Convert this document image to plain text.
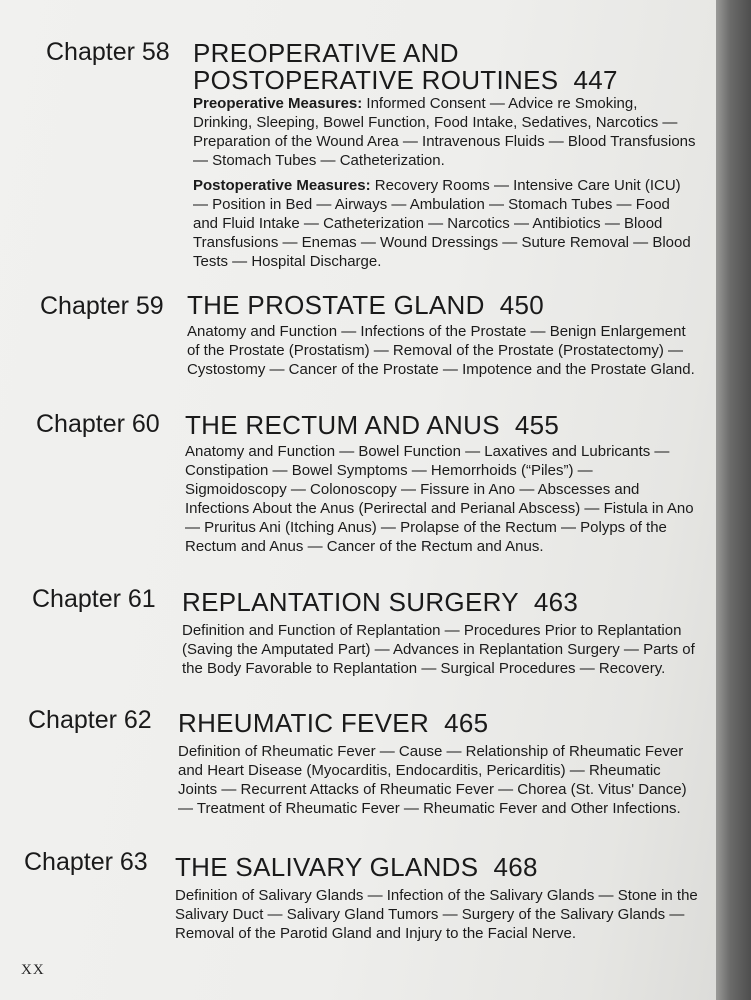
Chapter 58 PREOPERATIVE AND POSTOPERATIVE ROUTINES 447

Preoperative Measures: Informed Consent — Advice re Smoking, Drinking, Sleeping, Bowel Function, Food Intake, Sedatives, Narcotics — Preparation of the Wound Area — Intravenous Fluids — Blood Transfusions — Stomach Tubes — Catheterization.

Postoperative Measures: Recovery Rooms — Intensive Care Unit (ICU) — Position in Bed — Airways — Ambulation — Stomach Tubes — Food and Fluid Intake — Catheterization — Narcotics — Antibiotics — Blood Transfusions — Enemas — Wound Dressings — Suture Removal — Blood Tests — Hospital Discharge.

Chapter 59 THE PROSTATE GLAND 450

Anatomy and Function — Infections of the Prostate — Benign Enlargement of the Prostate (Prostatism) — Removal of the Prostate (Prostatectomy) — Cystostomy — Cancer of the Prostate — Impotence and the Prostate Gland.

Chapter 60 THE RECTUM AND ANUS 455

Anatomy and Function — Bowel Function — Laxatives and Lubricants — Constipation — Bowel Symptoms — Hemorrhoids (“Piles”) — Sigmoidoscopy — Colonoscopy — Fissure in Ano — Abscesses and Infections About the Anus (Perirectal and Perianal Abscess) — Fistula in Ano — Pruritus Ani (Itching Anus) — Prolapse of the Rectum — Polyps of the Rectum and Anus — Cancer of the Rectum and Anus.

Chapter 61 REPLANTATION SURGERY 463

Definition and Function of Replantation — Procedures Prior to Replantation (Saving the Amputated Part) — Advances in Replantation Surgery — Parts of the Body Favorable to Replantation — Surgical Procedures — Recovery.

Chapter 62 RHEUMATIC FEVER 465

Definition of Rheumatic Fever — Cause — Relationship of Rheumatic Fever and Heart Disease (Myocarditis, Endocarditis, Pericarditis) — Rheumatic Joints — Recurrent Attacks of Rheumatic Fever — Chorea (St. Vitus' Dance) — Treatment of Rheumatic Fever — Rheumatic Fever and Other Infections.

Chapter 63 THE SALIVARY GLANDS 468

Definition of Salivary Glands — Infection of the Salivary Glands — Stone in the Salivary Duct — Salivary Gland Tumors — Surgery of the Salivary Glands — Removal of the Parotid Gland and Injury to the Facial Nerve.

XX
